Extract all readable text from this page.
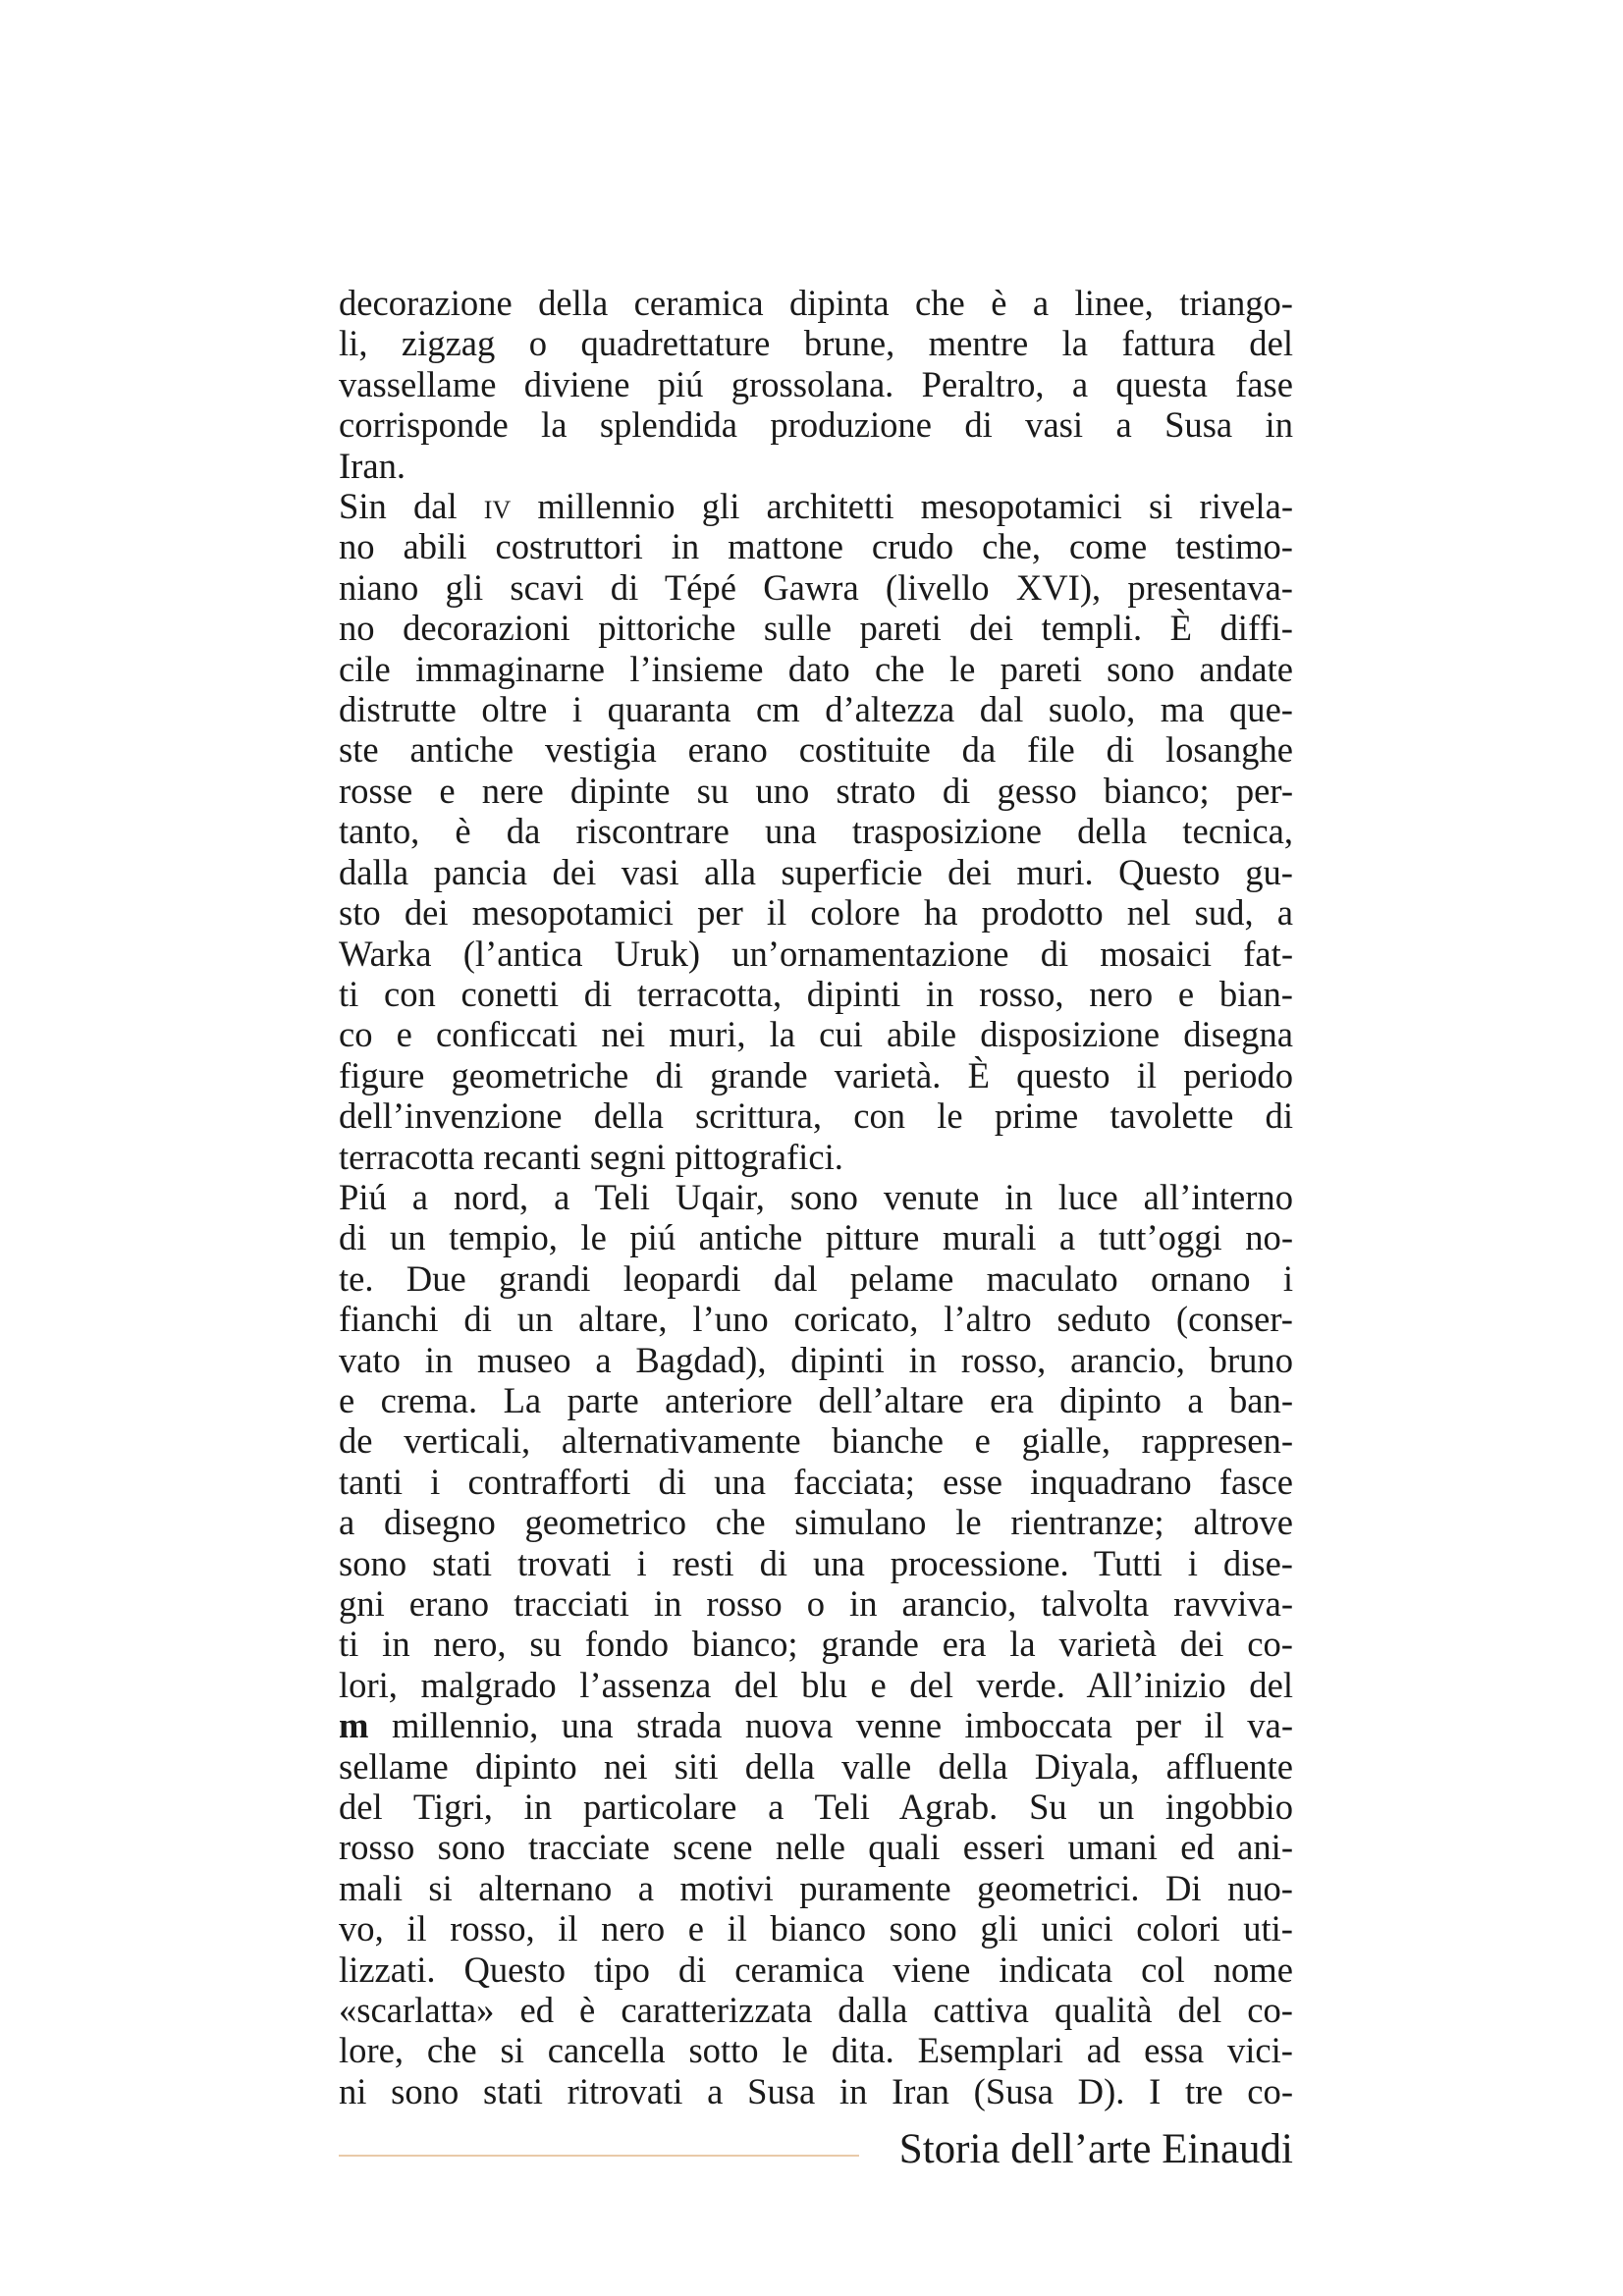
decorazione della ceramica dipinta che è a linee, triango-
li, zigzag o quadrettature brune, mentre la fattura del
vassellame diviene piú grossolana. Peraltro, a questa fase
corrisponde la splendida produzione di vasi a Susa in
Iran.
Sin dal iv millennio gli architetti mesopotamici si rivela-
no abili costruttori in mattone crudo che, come testimo-
niano gli scavi di Tépé Gawra (livello XVI), presentava-
no decorazioni pittoriche sulle pareti dei templi. È diffi-
cile immaginarne l’insieme dato che le pareti sono andate
distrutte oltre i quaranta cm d’altezza dal suolo, ma que-
ste antiche vestigia erano costituite da file di losanghe
rosse e nere dipinte su uno strato di gesso bianco; per-
tanto, è da riscontrare una trasposizione della tecnica,
dalla pancia dei vasi alla superficie dei muri. Questo gu-
sto dei mesopotamici per il colore ha prodotto nel sud, a
Warka (l’antica Uruk) un’ornamentazione di mosaici fat-
ti con conetti di terracotta, dipinti in rosso, nero e bian-
co e conficcati nei muri, la cui abile disposizione disegna
figure geometriche di grande varietà. È questo il periodo
dell’invenzione della scrittura, con le prime tavolette di
terracotta recanti segni pittografici.
Piú a nord, a Teli Uqair, sono venute in luce all’interno
di un tempio, le piú antiche pitture murali a tutt’oggi no-
te. Due grandi leopardi dal pelame maculato ornano i
fianchi di un altare, l’uno coricato, l’altro seduto (conser-
vato in museo a Bagdad), dipinti in rosso, arancio, bruno
e crema. La parte anteriore dell’altare era dipinto a ban-
de verticali, alternativamente bianche e gialle, rappresen-
tanti i contrafforti di una facciata; esse inquadrano fasce
a disegno geometrico che simulano le rientranze; altrove
sono stati trovati i resti di una processione. Tutti i dise-
gni erano tracciati in rosso o in arancio, talvolta ravviva-
ti in nero, su fondo bianco; grande era la varietà dei co-
lori, malgrado l’assenza del blu e del verde. All’inizio del
m millennio, una strada nuova venne imboccata per il va-
sellame dipinto nei siti della valle della Diyala, affluente
del Tigri, in particolare a Teli Agrab. Su un ingobbio
rosso sono tracciate scene nelle quali esseri umani ed ani-
mali si alternano a motivi puramente geometrici. Di nuo-
vo, il rosso, il nero e il bianco sono gli unici colori uti-
lizzati. Questo tipo di ceramica viene indicata col nome
«scarlatta» ed è caratterizzata dalla cattiva qualità del co-
lore, che si cancella sotto le dita. Esemplari ad essa vici-
ni sono stati ritrovati a Susa in Iran (Susa D). I tre co-
Storia dell’arte Einaudi
